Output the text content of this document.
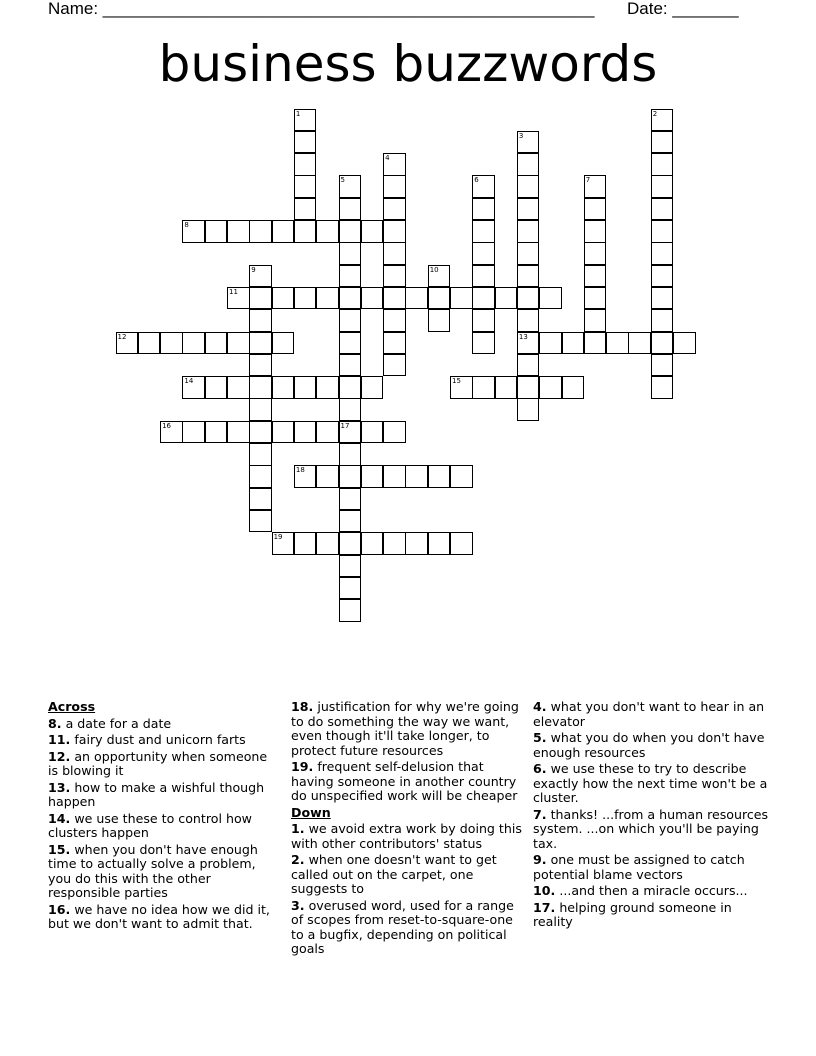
Name: ____________________________________________________ Date: _______
business buzzwords
1	2
3
4
5	6	7
8
9	10
11
12	13
14	15
16	17
18
19
Across
8. a date for a date
11. fairy dust and unicorn farts
12. an opportunity when someone is blowing it
13. how to make a wishful though happen
14. we use these to control how clusters happen
15. when you don't have enough time to actually solve a problem, you do this with the other responsible parties
16. we have no idea how we did it, but we don't want to admit that.
18. justification for why we're going to do something the way we want, even though it'll take longer, to protect future resources
19. frequent self-delusion that having someone in another country do unspecified work will be cheaper
Down
1. we avoid extra work by doing this with other contributors' status
2. when one doesn't want to get called out on the carpet, one suggests to
3. overused word, used for a range of scopes from reset-to-square-one to a bugfix, depending on political goals
4. what you don't want to hear in an elevator
5. what you do when you don't have enough resources
6. we use these to try to describe exactly how the next time won't be a cluster.
7. thanks! ...from a human resources system. ...on which you'll be paying tax.
9. one must be assigned to catch potential blame vectors
10. ...and then a miracle occurs...
17. helping ground someone in reality
